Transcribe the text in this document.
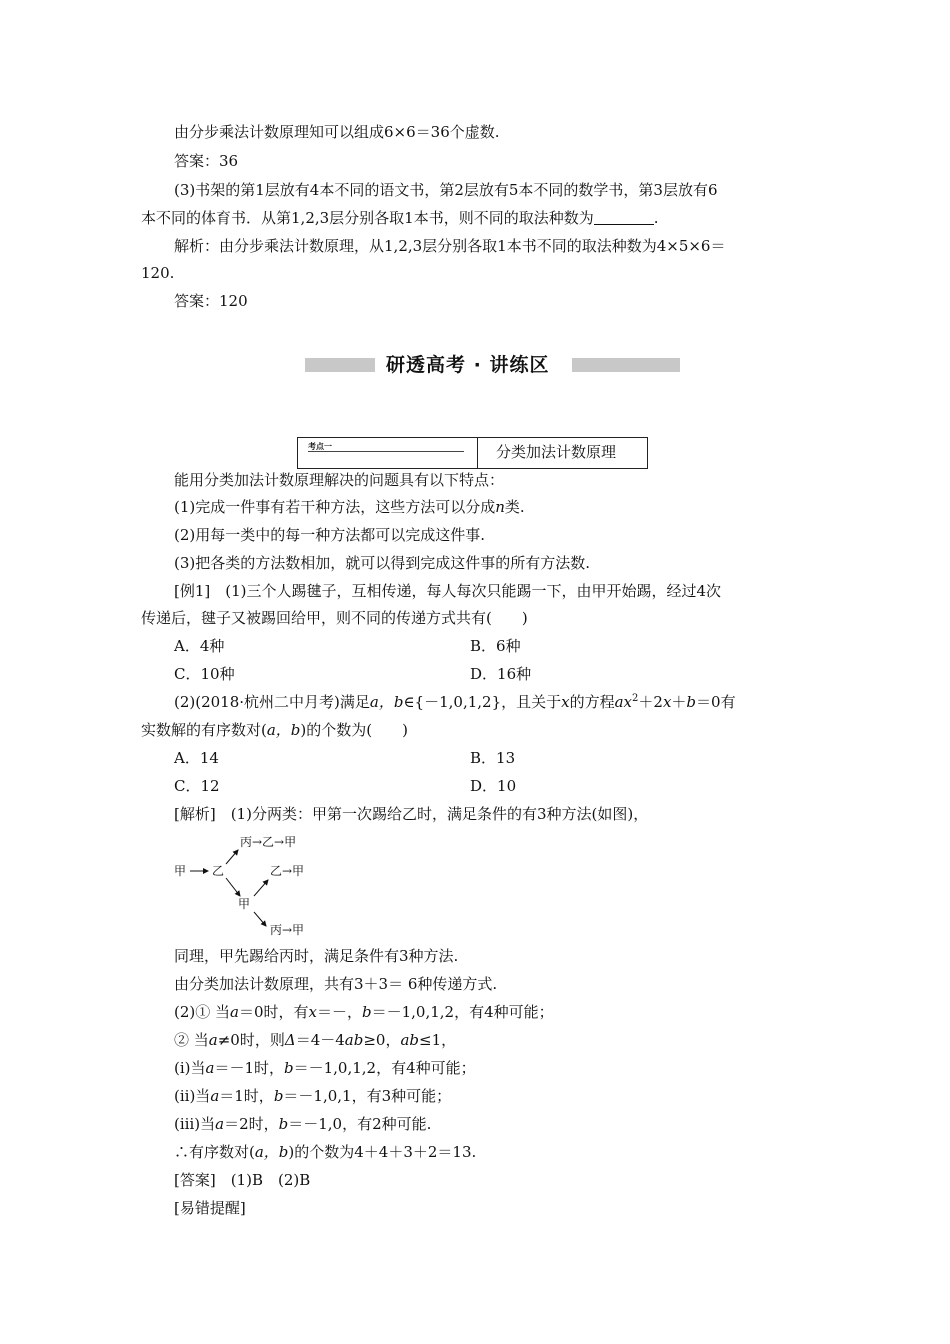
由分步乘法计数原理知可以组成6×6＝36个虚数.
答案：36
(3)书架的第1层放有4本不同的语文书，第2层放有5本不同的数学书，第3层放有6
本不同的体育书．从第1,2,3层分别各取1本书，则不同的取法种数为	.
解析：由分步乘法计数原理，从1,2,3层分别各取1本书不同的取法种数为4×5×6＝
120.
答案：120
研透高考 · 讲练区
考点一	分类加法计数原理
能用分类加法计数原理解决的问题具有以下特点：
(1)完成一件事有若干种方法，这些方法可以分成n类.
(2)用每一类中的每一种方法都可以完成这件事.
(3)把各类的方法数相加，就可以得到完成这件事的所有方法数.
[例1]　(1)三个人踢毽子，互相传递，每人每次只能踢一下，由甲开始踢，经过4次
传递后，毽子又被踢回给甲，则不同的传递方式共有(　　)
A．4种	B．6种
C．10种	D．16种
(2)(2018·杭州二中月考)满足a，b∈{－1,0,1,2}，且关于x的方程$ax^2+2x+b=0$有
实数解的有序数对(a，b)的个数为(　　)
A．14	B．13
C．12	D．10
[解析]　(1)分两类：甲第一次踢给乙时，满足条件的有3种方法(如图)，
甲 乙
丙→乙→甲
甲
乙→甲
丙→甲
同理，甲先踢给丙时，满足条件有3种方法.
由分类加法计数原理，共有3＋3＝ 6种传递方式.
(2)① 当a＝0时，有x＝－，b＝－1,0,1,2，有4种可能；
② 当a≠0时，则Δ＝4－4ab≥0，ab≤1，
(ⅰ)当a＝－1时，b＝－1,0,1,2，有4种可能；
(ⅱ)当a＝1时，b＝－1,0,1，有3种可能；
(ⅲ)当a＝2时，b＝－1,0，有2种可能.
∴有序数对(a，b)的个数为4＋4＋3＋2＝13.
[答案]　(1)B　(2)B
[易错提醒]
